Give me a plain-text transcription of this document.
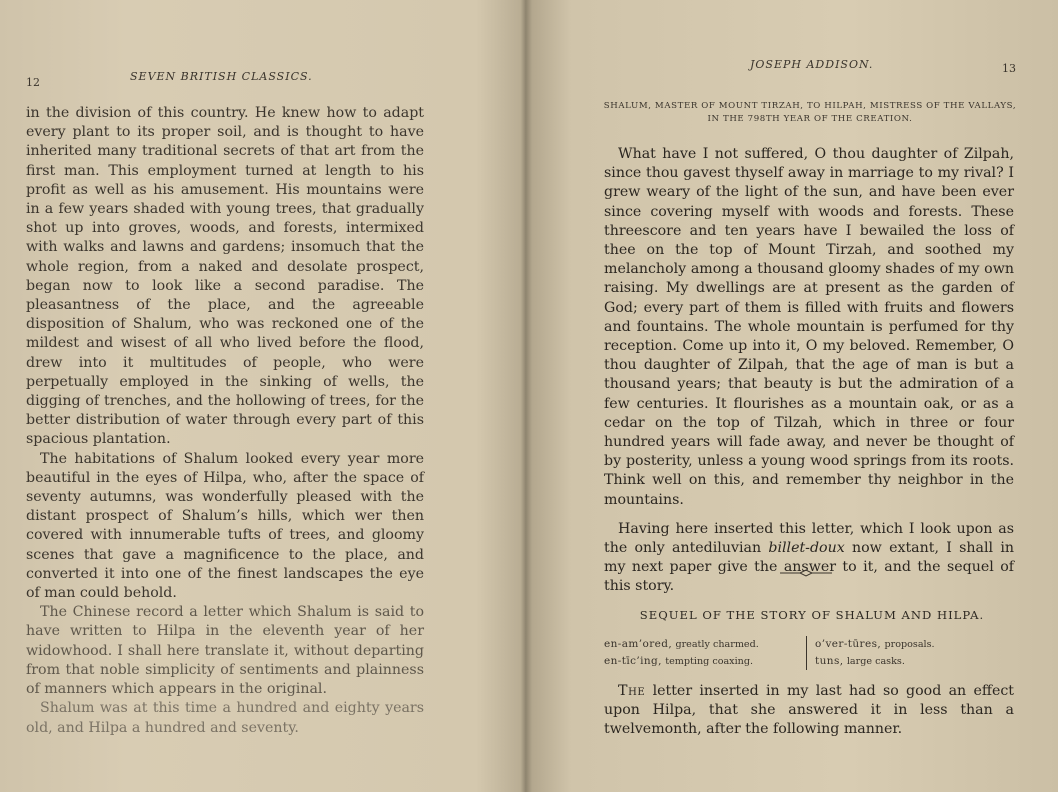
12	SEVEN BRITISH CLASSICS.

in the division of this country. He knew how to adapt every plant to its proper soil, and is thought to have inherited many traditional secrets of that art from the first man. This employment turned at length to his profit as well as his amusement. His mountains were in a few years shaded with young trees, that gradually shot up into groves, woods, and forests, intermixed with walks and lawns and gardens; insomuch that the whole region, from a naked and desolate prospect, began now to look like a second paradise. The pleasantness of the place, and the agreeable disposition of Shalum, who was reckoned one of the mildest and wisest of all who lived before the flood, drew into it multitudes of people, who were perpetually employed in the sinking of wells, the digging of trenches, and the hollowing of trees, for the better distribution of water through every part of this spacious plantation.

The habitations of Shalum looked every year more beautiful in the eyes of Hilpa, who, after the space of seventy autumns, was wonderfully pleased with the distant prospect of Shalum’s hills, which wer then covered with innumerable tufts of trees, and gloomy scenes that gave a magnificence to the place, and converted it into one of the finest landscapes the eye of man could behold.

The Chinese record a letter which Shalum is said to have written to Hilpa in the eleventh year of her widowhood. I shall here translate it, without departing from that noble simplicity of sentiments and plainness of manners which appears in the original.

Shalum was at this time a hundred and eighty years old, and Hilpa a hundred and seventy.

JOSEPH ADDISON.	13
SHALUM, MASTER OF MOUNT TIRZAH, TO HILPAH, MISTRESS OF THE VALLAYS, IN THE 798TH YEAR OF THE CREATION.

What have I not suffered, O thou daughter of Zilpah, since thou gavest thyself away in marriage to my rival? I grew weary of the light of the sun, and have been ever since covering myself with woods and forests. These threescore and ten years have I bewailed the loss of thee on the top of Mount Tirzah, and soothed my melancholy among a thousand gloomy shades of my own raising. My dwellings are at present as the garden of God; every part of them is filled with fruits and flowers and fountains. The whole mountain is perfumed for thy reception. Come up into it, O my beloved. Remember, O thou daughter of Zilpah, that the age of man is but a thousand years; that beauty is but the admiration of a few centuries. It flourishes as a mountain oak, or as a cedar on the top of Tilzah, which in three or four hundred years will fade away, and never be thought of by posterity, unless a young wood springs from its roots. Think well on this, and remember thy neighbor in the mountains.

Having here inserted this letter, which I look upon as the only antediluvian billet-doux now extant, I shall in my next paper give the answer to it, and the sequel of this story.

SEQUEL OF THE STORY OF SHALUM AND HILPA.
en-am’ored, greatly charmed.
en-tīc’ing, tempting coaxing.
o’ver-tūres, proposals.
tuns, large casks.

The letter inserted in my last had so good an effect upon Hilpa, that she answered it in less than a twelvemonth, after the following manner.
